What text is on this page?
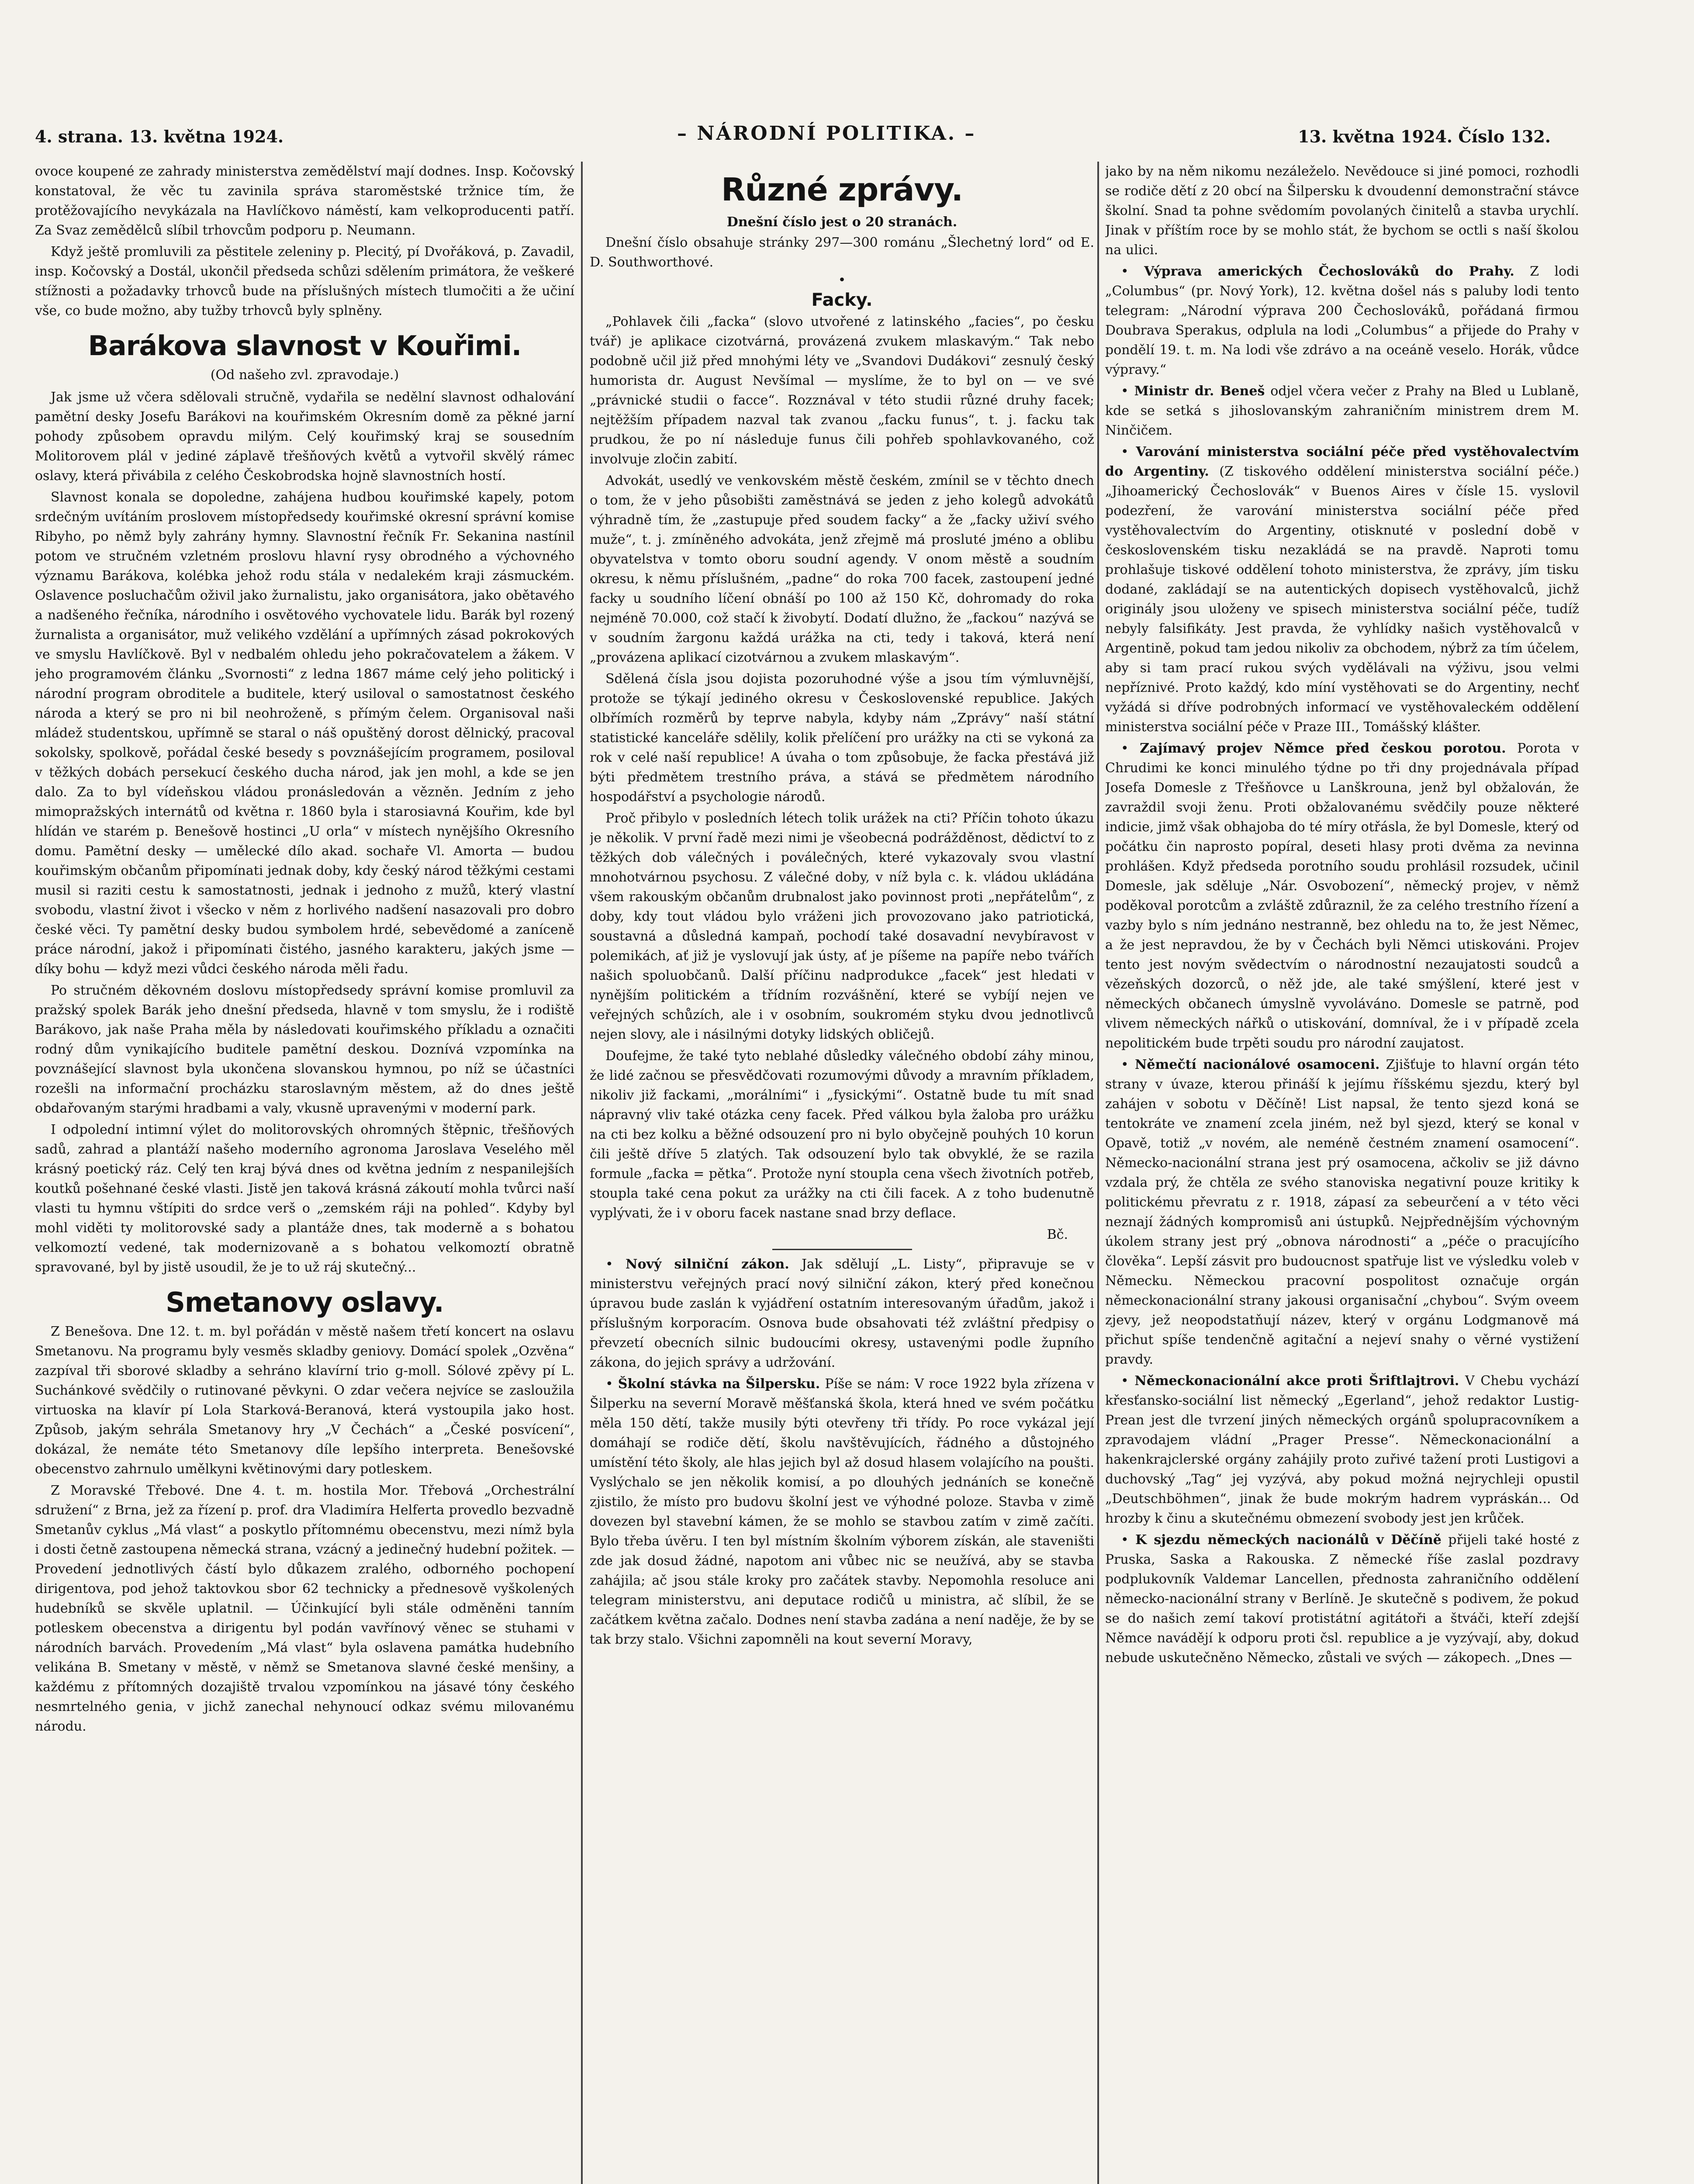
4. strana. 13. května 1924.	– NÁRODNÍ POLITIKA. –	13. května 1924. Číslo 132.

ovoce koupené ze zahrady ministerstva zemědělství mají dodnes. Insp. Kočovský konstatoval, že věc tu zavinila správa staroměstské tržnice tím, že protěžovajícího nevykázala na Havlíčkovo náměstí, kam velkoproducenti patří. Za Svaz zemědělců slíbil trhovcům podporu p. Neumann.

Když ještě promluvili za pěstitele zeleniny p. Plecitý, pí Dvořáková, p. Zavadil, insp. Kočovský a Dostál, ukončil předseda schůzi sdělením primátora, že veškeré stížnosti a požadavky trhovců bude na příslušných místech tlumočiti a že učiní vše, co bude možno, aby tužby trhovců byly splněny.

Barákova slavnost v Kouřimi.
(Od našeho zvl. zpravodaje.)

Jak jsme už včera sdělovali stručně, vydařila se nedělní slavnost odhalování pamětní desky Josefu Barákovi na kouřimském Okresním domě za pěkné jarní pohody způsobem opravdu milým. Celý kouřimský kraj se sousedním Molitorovem plál v jediné záplavě třešňových květů a vytvořil skvělý rámec oslavy, která přivábila z celého Českobrodska hojně slavnostních hostí.

Slavnost konala se dopoledne, zahájena hudbou kouřimské kapely, potom srdečným uvítáním proslovem místopředsedy kouřimské okresní správní komise Ribyho, po němž byly zahrány hymny. Slavnostní řečník Fr. Sekanina nastínil potom ve stručném vzletném proslovu hlavní rysy obrodného a výchovného významu Barákova, kolébka jehož rodu stála v nedalekém kraji zásmuckém. Oslavence posluchačům oživil jako žurnalistu, jako organisátora, jako obětavého a nadšeného řečníka, národního i osvětového vychovatele lidu. Barák byl rozený žurnalista a organisátor, muž velikého vzdělání a upřímných zásad pokrokových ve smyslu Havlíčkově. Byl v nedbalém ohledu jeho pokračovatelem a žákem. V jeho programovém článku „Svornosti“ z ledna 1867 máme celý jeho politický i národní program obroditele a buditele, který usiloval o samostatnost českého národa a který se pro ni bil neohroženě, s přímým čelem. Organisoval naši mládež studentskou, upřímně se staral o náš opuštěný dorost dělnický, pracoval sokolsky, spolkově, pořádal české besedy s povznášejícím programem, posiloval v těžkých dobách persekucí českého ducha národ, jak jen mohl, a kde se jen dalo. Za to byl vídeňskou vládou pronásledován a vězněn. Jedním z jeho mimopražských internátů od května r. 1860 byla i starosiavná Kouřim, kde byl hlídán ve starém p. Benešově hostinci „U orla“ v místech nynějšího Okresního domu. Pamětní desky — umělecké dílo akad. sochaře Vl. Amorta — budou kouřimským občanům připomínati jednak doby, kdy český národ těžkými cestami musil si raziti cestu k samostatnosti, jednak i jednoho z mužů, který vlastní svobodu, vlastní život i všecko v něm z horlivého nadšení nasazovali pro dobro české věci. Ty pamětní desky budou symbolem hrdé, sebevědomé a zaníceně práce národní, jakož i připomínati čistého, jasného karakteru, jakých jsme — díky bohu — když mezi vůdci českého národa měli řadu.

Po stručném děkovném doslovu místopředsedy správní komise promluvil za pražský spolek Barák jeho dnešní předseda, hlavně v tom smyslu, že i rodiště Barákovo, jak naše Praha měla by následovati kouřimského příkladu a označiti rodný dům vynikajícího buditele pamětní deskou. Doznívá vzpomínka na povznášející slavnost byla ukončena slovanskou hymnou, po níž se účastníci rozešli na informační procházku staroslavným městem, až do dnes ještě obdařovaným starými hradbami a valy, vkusně upravenými v moderní park.

I odpolední intimní výlet do molitorovských ohromných štěpnic, třešňových sadů, zahrad a plantáží našeho moderního agronoma Jaroslava Veselého měl krásný poetický ráz. Celý ten kraj bývá dnes od května jedním z nespanilejších koutků pošehnané české vlasti. Jistě jen taková krásná zákoutí mohla tvůrci naší vlasti tu hymnu vštípiti do srdce verš o „zemském ráji na pohled“. Kdyby byl mohl viděti ty molitorovské sady a plantáže dnes, tak moderně a s bohatou velkomoztí vedené, tak modernizovaně a s bohatou velkomoztí obratně spravované, byl by jistě usoudil, že je to už ráj skutečný...

Smetanovy oslavy.

Z Benešova. Dne 12. t. m. byl pořádán v městě našem třetí koncert na oslavu Smetanovu. Na programu byly vesměs skladby geniovy. Domácí spolek „Ozvěna“ zazpíval tři sborové skladby a sehráno klavírní trio g-moll. Sólové zpěvy pí L. Suchánkové svědčily o rutinované pěvkyni. O zdar večera nejvíce se zasloužila virtuoska na klavír pí Lola Starková-Beranová, která vystoupila jako host. Způsob, jakým sehrála Smetanovy hry „V Čechách“ a „České posvícení“, dokázal, že nemáte této Smetanovy díle lepšího interpreta. Benešovské obecenstvo zahrnulo umělkyni květinovými dary potleskem.

Z Moravské Třebové. Dne 4. t. m. hostila Mor. Třebová „Orchestrální sdružení“ z Brna, jež za řízení p. prof. dra Vladimíra Helferta provedlo bezvadně Smetanův cyklus „Má vlast“ a poskytlo přítomnému obecenstvu, mezi nímž byla i dosti četně zastoupena německá strana, vzácný a jedinečný hudební požitek. — Provedení jednotlivých částí bylo důkazem zralého, odborného pochopení dirigentova, pod jehož taktovkou sbor 62 technicky a přednesově vyškolených hudebníků se skvěle uplatnil. — Účinkující byli stále odměněni tanním potleskem obecenstva a dirigentu byl podán vavřínový věnec se stuhami v národních barvách. Provedením „Má vlast“ byla oslavena památka hudebního velikána B. Smetany v městě, v němž se Smetanova slavné české menšiny, a každému z přítomných dozajiště trvalou vzpomínkou na jásavé tóny českého nesmrtelného genia, v jichž zanechal nehynoucí odkaz svému milovanému národu.

Různé zprávy.
Dnešní číslo jest o 20 stranách.

Dnešní číslo obsahuje stránky 297—300 románu „Šlechetný lord“ od E. D. Southworthové.

•
Facky.

„Pohlavek čili „facka“ (slovo utvořené z latinského „facies“, po česku tvář) je aplikace cizotvárná, provázená zvukem mlaskavým.“ Tak nebo podobně učil již před mnohými léty ve „Svandovi Dudákovi“ zesnulý český humorista dr. August Nevšímal — myslíme, že to byl on — ve své „právnické studii o facce“. Rozznával v této studii různé druhy facek; nejtěžším případem nazval tak zvanou „facku funus“, t. j. facku tak prudkou, že po ní následuje funus čili pohřeb spohlavkovaného, což involvuje zločin zabití.

Advokát, usedlý ve venkovském městě českém, zmínil se v těchto dnech o tom, že v jeho působišti zaměstnává se jeden z jeho kolegů advokátů výhradně tím, že „zastupuje před soudem facky“ a že „facky uživí svého muže“, t. j. zmíněného advokáta, jenž zřejmě má prosluté jméno a oblibu obyvatelstva v tomto oboru soudní agendy. V onom městě a soudním okresu, k němu příslušném, „padne“ do roka 700 facek, zastoupení jedné facky u soudního líčení obnáší po 100 až 150 Kč, dohromady do roka nejméně 70.000, což stačí k živobytí. Dodatí dlužno, že „fackou“ nazývá se v soudním žargonu každá urážka na cti, tedy i taková, která není „provázena aplikací cizotvárnou a zvukem mlaskavým“.

Sdělená čísla jsou dojista pozoruhodné výše a jsou tím výmluvnější, protože se týkají jediného okresu v Československé republice. Jakých olbřímích rozměrů by teprve nabyla, kdyby nám „Zprávy“ naší státní statistické kanceláře sdělily, kolik přelíčení pro urážky na cti se vykoná za rok v celé naší republice! A úvaha o tom způsobuje, že facka přestává již býti předmětem trestního práva, a stává se předmětem národního hospodářství a psychologie národů.

Proč přibylo v posledních létech tolik urážek na cti? Příčin tohoto úkazu je několik. V první řadě mezi nimi je všeobecná podrážděnost, dědictví to z těžkých dob válečných i poválečných, které vykazovaly svou vlastní mnohotvárnou psychosu. Z válečné doby, v níž byla c. k. vládou ukládána všem rakouským občanům drubnalost jako povinnost proti „nepřátelům“, z doby, kdy tout vládou bylo vráženi jich provozovano jako patriotická, soustavná a důsledná kampaň, pochodí také dosavadní nevybíravost v polemikách, ať již je vyslovují jak ústy, ať je píšeme na papíře nebo tvářích našich spoluobčanů. Další příčinu nadprodukce „facek“ jest hledati v nynějším politickém a třídním rozvášnění, které se vybíjí nejen ve veřejných schůzích, ale i v osobním, soukromém styku dvou jednotlivců nejen slovy, ale i násilnými dotyky lidských obličejů.

Doufejme, že také tyto neblahé důsledky válečného období záhy minou, že lidé začnou se přesvědčovati rozumovými důvody a mravním příkladem, nikoliv již fackami, „morálními“ i „fysickými“. Ostatně bude tu mít snad nápravný vliv také otázka ceny facek. Před válkou byla žaloba pro urážku na cti bez kolku a běžné odsouzení pro ni bylo obyčejně pouhých 10 korun čili ještě dříve 5 zlatých. Tak odsouzení bylo tak obvyklé, že se razila formule „facka = pětka“. Protože nyní stoupla cena všech životních potřeb, stoupla také cena pokut za urážky na cti čili facek. A z toho budenutně vyplývati, že i v oboru facek nastane snad brzy deflace.

Bč.

• Nový silniční zákon. Jak sdělují „L. Listy“, připravuje se v ministerstvu veřejných prací nový silniční zákon, který před konečnou úpravou bude zaslán k vyjádření ostatním interesovaným úřadům, jakož i příslušným korporacím. Osnova bude obsahovati též zvláštní předpisy o převzetí obecních silnic budoucími okresy, ustavenými podle župního zákona, do jejich správy a udržování.

• Školní stávka na Šilpersku. Píše se nám: V roce 1922 byla zřízena v Šilperku na severní Moravě měšťanská škola, která hned ve svém počátku měla 150 dětí, takže musily býti otevřeny tři třídy. Po roce vykázal její domáhají se rodiče dětí, školu navštěvujících, řádného a důstojného umístění této školy, ale hlas jejich byl až dosud hlasem volajícího na poušti. Vyslýchalo se jen několik komisí, a po dlouhých jednáních se konečně zjistilo, že místo pro budovu školní jest ve výhodné poloze. Stavba v zimě dovezen byl stavební kámen, že se mohlo se stavbou zatím v zimě začíti. Bylo třeba úvěru. I ten byl místním školním výborem získán, ale staveništi zde jak dosud žádné, napotom ani vůbec nic se neužívá, aby se stavba zahájila; ač jsou stále kroky pro začátek stavby. Nepomohla resoluce ani telegram ministerstvu, ani deputace rodičů u ministra, ač slíbil, že se začátkem května začalo. Dodnes není stavba zadána a není naděje, že by se tak brzy stalo. Všichni zapomněli na kout severní Moravy,

jako by na něm nikomu nezáleželo. Nevědouce si jiné pomoci, rozhodli se rodiče dětí z 20 obcí na Šilpersku k dvoudenní demonstrační stávce školní. Snad ta pohne svědomím povolaných činitelů a stavba urychlí. Jinak v příštím roce by se mohlo stát, že bychom se octli s naší školou na ulici.

• Výprava amerických Čechoslováků do Prahy. Z lodi „Columbus“ (pr. Nový York), 12. května došel nás s paluby lodi tento telegram: „Národní výprava 200 Čechoslováků, pořádaná firmou Doubrava Sperakus, odplula na lodi „Columbus“ a přijede do Prahy v pondělí 19. t. m. Na lodi vše zdrávo a na oceáně veselo. Horák, vůdce výpravy.“

• Ministr dr. Beneš odjel včera večer z Prahy na Bled u Lublaně, kde se setká s jihoslovanským zahraničním ministrem drem M. Ninčičem.

• Varování ministerstva sociální péče před vystěhovalectvím do Argentiny. (Z tiskového oddělení ministerstva sociální péče.) „Jihoamerický Čechoslovák“ v Buenos Aires v čísle 15. vyslovil podezření, že varování ministerstva sociální péče před vystěhovalectvím do Argentiny, otisknuté v poslední době v československém tisku nezakládá se na pravdě. Naproti tomu prohlašuje tiskové oddělení tohoto ministerstva, že zprávy, jím tisku dodané, zakládají se na autentických dopisech vystěhovalců, jichž originály jsou uloženy ve spisech ministerstva sociální péče, tudíž nebyly falsifikáty. Jest pravda, že vyhlídky našich vystěhovalců v Argentině, pokud tam jedou nikoliv za obchodem, nýbrž za tím účelem, aby si tam prací rukou svých vydělávali na výživu, jsou velmi nepříznivé. Proto každý, kdo míní vystěhovati se do Argentiny, nechť vyžádá si dříve podrobných informací ve vystěhovaleckém oddělení ministerstva sociální péče v Praze III., Tomášský klášter.

• Zajímavý projev Němce před českou porotou. Porota v Chrudimi ke konci minulého týdne po tři dny projednávala případ Josefa Domesle z Třešňovce u Lanškrouna, jenž byl obžalován, že zavraždil svoji ženu. Proti obžalovanému svědčily pouze některé indicie, jimž však obhajoba do té míry otřásla, že byl Domesle, který od počátku čin naprosto popíral, deseti hlasy proti dvěma za nevinna prohlášen. Když předseda porotního soudu prohlásil rozsudek, učinil Domesle, jak sděluje „Nár. Osvobození“, německý projev, v němž poděkoval porotcům a zvláště zdůraznil, že za celého trestního řízení a vazby bylo s ním jednáno nestranně, bez ohledu na to, že jest Němec, a že jest nepravdou, že by v Čechách byli Němci utiskováni. Projev tento jest novým svědectvím o národnostní nezaujatosti soudců a vězeňských dozorců, o něž jde, ale také smýšlení, které jest v německých občanech úmyslně vyvoláváno. Domesle se patrně, pod vlivem německých nářků o utiskování, domníval, že i v případě zcela nepolitickém bude trpěti soudu pro národní zaujatost.

• Němečtí nacionálové osamoceni. Zjišťuje to hlavní orgán této strany v úvaze, kterou přináší k jejímu říšskému sjezdu, který byl zahájen v sobotu v Děčíně! List napsal, že tento sjezd koná se tentokráte ve znamení zcela jiném, než byl sjezd, který se konal v Opavě, totiž „v novém, ale neméně čestném znamení osamocení“. Německo-nacionální strana jest prý osamocena, ačkoliv se již dávno vzdala prý, že chtěla ze svého stanoviska negativní pouze kritiky k politickému převratu z r. 1918, zápasí za sebeurčení a v této věci neznají žádných kompromisů ani ústupků. Nejpřednějším výchovným úkolem strany jest prý „obnova národnosti“ a „péče o pracujícího člověka“. Lepší zásvit pro budoucnost spatřuje list ve výsledku voleb v Německu. Německou pracovní pospolitost označuje orgán německonacionální strany jakousi organisační „chybou“. Svým oveem zjevy, jež neopodstatňují název, který v orgánu Lodgmanově má přichut spíše tendenčně agitační a nejeví snahy o věrné vystižení pravdy.

• Německonacionální akce proti Šriftlajtrovi. V Chebu vychází křesťansko-sociální list německý „Egerland“, jehož redaktor Lustig-Prean jest dle tvrzení jiných německých orgánů spolupracovníkem a zpravodajem vládní „Prager Presse“. Německonacionální a hakenkrajclerské orgány zahájily proto zuřivé tažení proti Lustigovi a duchovský „Tag“ jej vyzývá, aby pokud možná nejrychleji opustil „Deutschböhmen“, jinak že bude mokrým hadrem vypráskán... Od hrozby k činu a skutečnému obmezení svobody jest jen krůček.

• K sjezdu německých nacionálů v Děčíně přijeli také hosté z Pruska, Saska a Rakouska. Z německé říše zaslal pozdravy podplukovník Valdemar Lancellen, přednosta zahraničního oddělení německo-nacionální strany v Berlíně. Je skutečně s podivem, že pokud se do našich zemí takoví protistátní agitátoři a štváči, kteří zdejší Němce navádějí k odporu proti čsl. republice a je vyzývají, aby, dokud nebude uskutečněno Německo, zůstali ve svých — zákopech. „Dnes —
